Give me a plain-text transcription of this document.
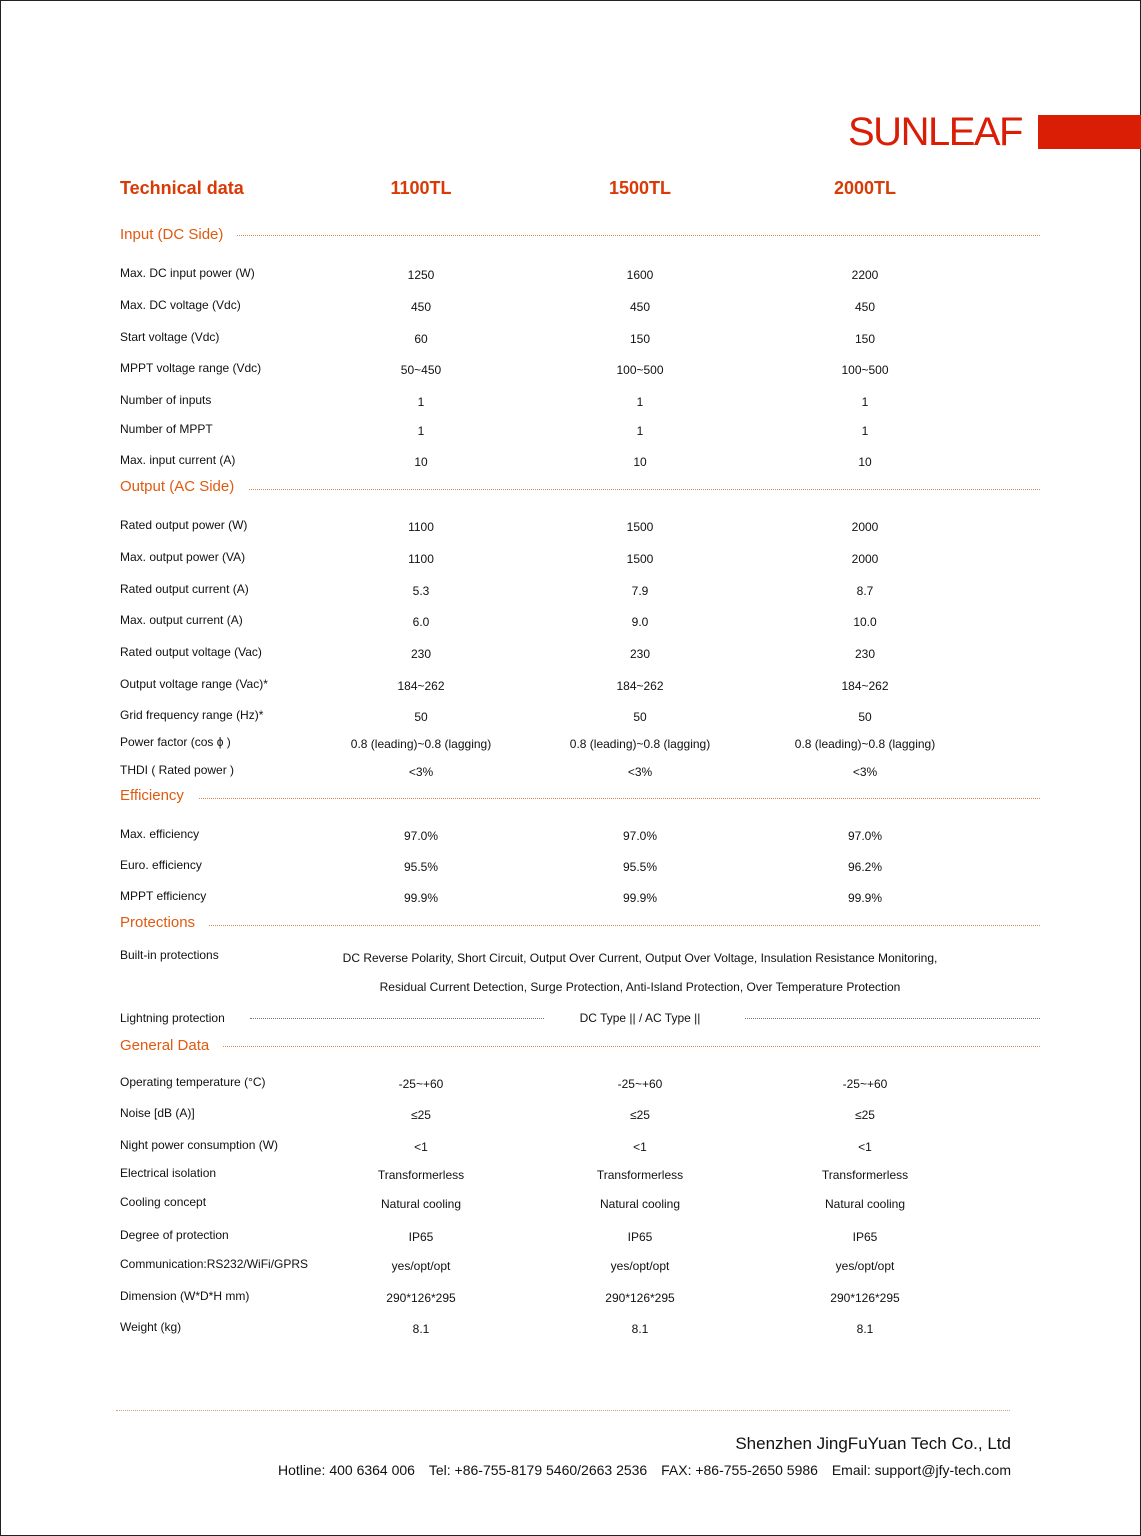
SUNLEAF
Technical data	1100TL	1500TL	2000TL
Input (DC Side)
Max. DC input power (W)	1250	1600	2200
Max. DC voltage (Vdc)	450	450	450
Start voltage (Vdc)	60	150	150
MPPT voltage range (Vdc)	50~450	100~500	100~500
Number of inputs	1	1	1
Number of MPPT	1	1	1
Max. input current (A)	10	10	10
Output (AC Side)
Rated output power (W)	1100	1500	2000
Max. output power (VA)	1100	1500	2000
Rated output current (A)	5.3	7.9	8.7
Max. output current (A)	6.0	9.0	10.0
Rated output voltage (Vac)	230	230	230
Output voltage range (Vac)*	184~262	184~262	184~262
Grid frequency range (Hz)*	50	50	50
Power factor (cos ϕ )	0.8 (leading)~0.8 (lagging)	0.8 (leading)~0.8 (lagging)	0.8 (leading)~0.8 (lagging)
THDI ( Rated power )	<3%	<3%	<3%
Efficiency
Max. efficiency	97.0%	97.0%	97.0%
Euro. efficiency	95.5%	95.5%	96.2%
MPPT efficiency	99.9%	99.9%	99.9%
Protections
General Data
Operating temperature (°C)	-25~+60	-25~+60	-25~+60
Noise [dB (A)]	≤25	≤25	≤25
Night power consumption (W)	<1	<1	<1
Electrical isolation	Transformerless	Transformerless	Transformerless
Cooling concept	Natural cooling	Natural cooling	Natural cooling
Degree of protection	IP65	IP65	IP65
Communication:RS232/WiFi/GPRS	yes/opt/opt	yes/opt/opt	yes/opt/opt
Dimension (W*D*H mm)	290*126*295	290*126*295	290*126*295
Weight (kg)	8.1	8.1	8.1
Built-in protections	DC Reverse Polarity, Short Circuit, Output Over Current, Output Over Voltage, Insulation Resistance Monitoring,
Residual Current Detection, Surge Protection, Anti-Island Protection, Over Temperature Protection
Lightning protection	DC Type || / AC Type ||
Shenzhen JingFuYuan Tech Co., Ltd
Hotline: 400 6364 006 Tel: +86-755-8179 5460/2663 2536 FAX: +86-755-2650 5986 Email: support@jfy-tech.com
